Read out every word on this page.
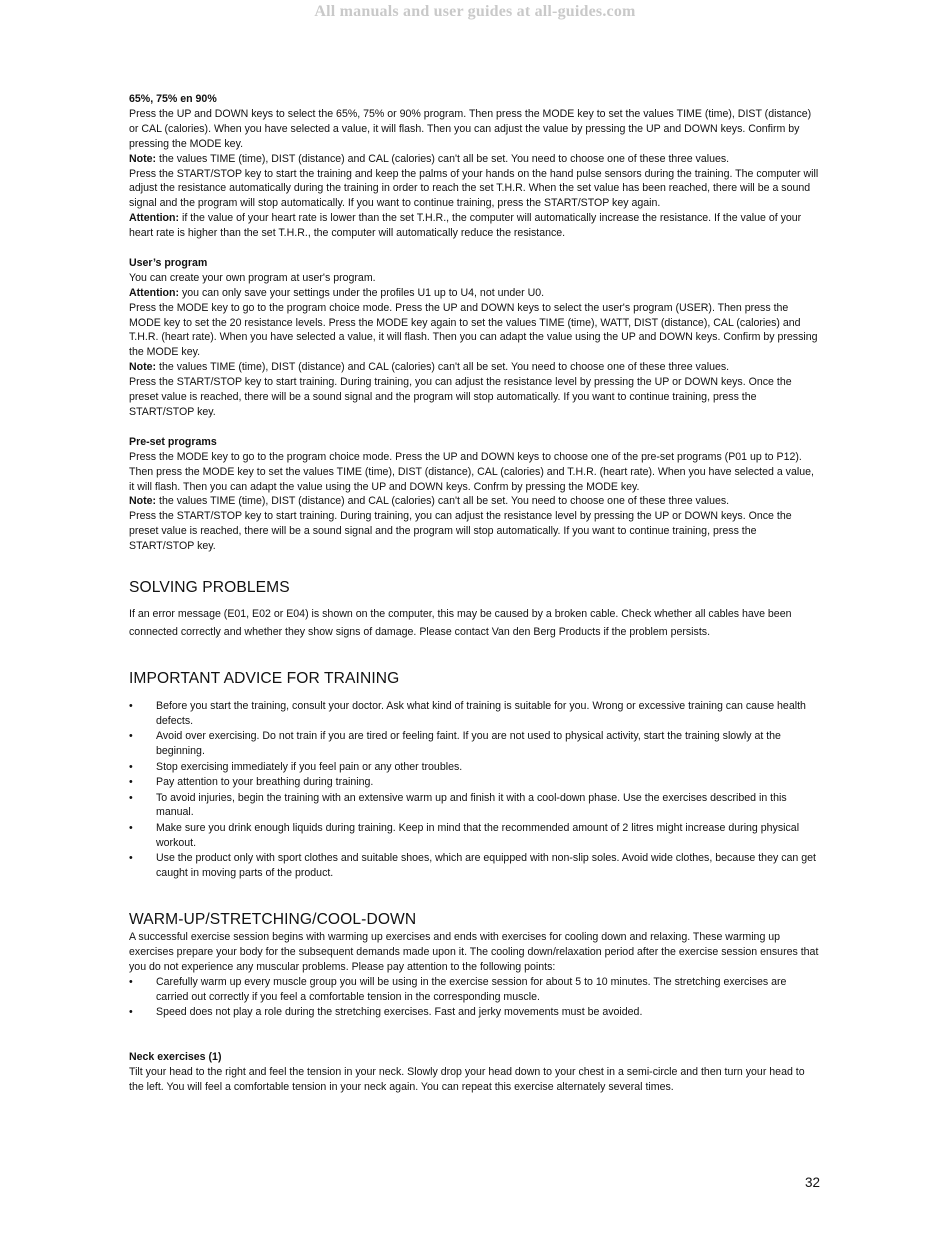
All manuals and user guides at all-guides.com

65%, 75% en 90%

Press the UP and DOWN keys to select the 65%, 75% or 90% program. Then press the MODE key to set the values TIME (time), DIST (distance) or CAL (calories). When you have selected a value, it will flash. Then you can adjust the value by pressing the UP and DOWN keys. Confirm by pressing the MODE key.

Note: the values TIME (time), DIST (distance) and CAL (calories) can't all be set. You need to choose one of these three values.

Press the START/STOP key to start the training and keep the palms of your hands on the hand pulse sensors during the training. The computer will adjust the resistance automatically during the training in order to reach the set T.H.R. When the set value has been reached, there will be a sound signal and the program will stop automatically. If you want to continue training, press the START/STOP key again.

Attention: if the value of your heart rate is lower than the set T.H.R., the computer will automatically increase the resistance. If the value of your heart rate is higher than the set T.H.R., the computer will automatically reduce the resistance.

User’s program

You can create your own program at user's program.

Attention: you can only save your settings under the profiles U1 up to U4, not under U0.

Press the MODE key to go to the program choice mode. Press the UP and DOWN keys to select the user's program (USER). Then press the MODE key to set the 20 resistance levels. Press the MODE key again to set the values TIME (time), WATT, DIST (distance), CAL (calories) and T.H.R. (heart rate). When you have selected a value, it will flash. Then you can adapt the value using the UP and DOWN keys. Confirm by pressing the MODE key.

Note: the values TIME (time), DIST (distance) and CAL (calories) can't all be set. You need to choose one of these three values.

Press the START/STOP key to start training. During training, you can adjust the resistance level by pressing the UP or DOWN keys. Once the preset value is reached, there will be a sound signal and the program will stop automatically. If you want to continue training, press the START/STOP key.

Pre-set programs

Press the MODE key to go to the program choice mode. Press the UP and DOWN keys to choose one of the pre-set programs (P01 up to P12). Then press the MODE key to set the values TIME (time), DIST (distance), CAL (calories) and T.H.R. (heart rate). When you have selected a value, it will flash. Then you can adapt the value using the UP and DOWN keys. Confrm by pressing the MODE key.

Note: the values TIME (time), DIST (distance) and CAL (calories) can't all be set. You need to choose one of these three values.

Press the START/STOP key to start training. During training, you can adjust the resistance level by pressing the UP or DOWN keys. Once the preset value is reached, there will be a sound signal and the program will stop automatically. If you want to continue training, press the START/STOP key.

SOLVING PROBLEMS

If an error message (E01, E02 or E04) is shown on the computer, this may be caused by a broken cable. Check whether all cables have been connected correctly and whether they show signs of damage. Please contact Van den Berg Products if the problem persists.

IMPORTANT ADVICE FOR TRAINING
•	Before you start the training, consult your doctor. Ask what kind of training is suitable for you. Wrong or excessive training can cause health defects.
•	Avoid over exercising. Do not train if you are tired or feeling faint. If you are not used to physical activity, start the training slowly at the beginning.
•	Stop exercising immediately if you feel pain or any other troubles.
•	Pay attention to your breathing during training.
•	To avoid injuries, begin the training with an extensive warm up and finish it with a cool-down phase. Use the exercises described in this manual.
•	Make sure you drink enough liquids during training. Keep in mind that the recommended amount of 2 litres might increase during physical workout.
•	Use the product only with sport clothes and suitable shoes, which are equipped with non-slip soles. Avoid wide clothes, because they can get caught in moving parts of the product.
WARM-UP/STRETCHING/COOL-DOWN

A successful exercise session begins with warming up exercises and ends with exercises for cooling down and relaxing. These warming up exercises prepare your body for the subsequent demands made upon it. The cooling down/relaxation period after the exercise session ensures that you do not experience any muscular problems. Please pay attention to the following points:

•	Carefully warm up every muscle group you will be using in the exercise session for about 5 to 10 minutes. The stretching exercises are carried out correctly if you feel a comfortable tension in the corresponding muscle.
•	Speed does not play a role during the stretching exercises. Fast and jerky movements must be avoided.

Neck exercises (1)

Tilt your head to the right and feel the tension in your neck. Slowly drop your head down to your chest in a semi-circle and then turn your head to the left. You will feel a comfortable tension in your neck again. You can repeat this exercise alternately several times.

32
